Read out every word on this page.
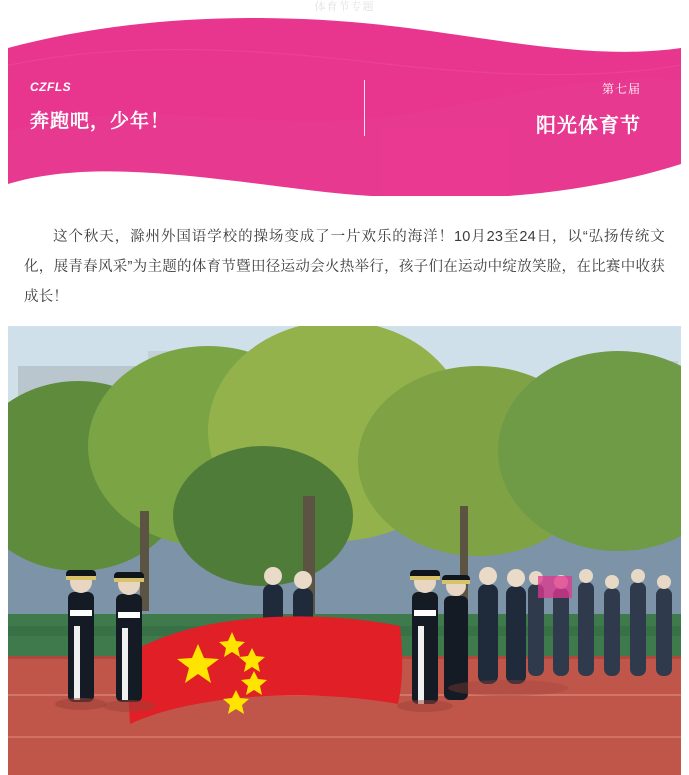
体育节专题
CZFLS
奔跑吧，少年！
第七届
阳光体育节

这个秋天，滁州外国语学校的操场变成了一片欢乐的海洋！10月23至24日，以“弘扬传统文化，展青春风采”为主题的体育节暨田径运动会火热举行，孩子们在运动中绽放笑脸，在比赛中收获成长！
